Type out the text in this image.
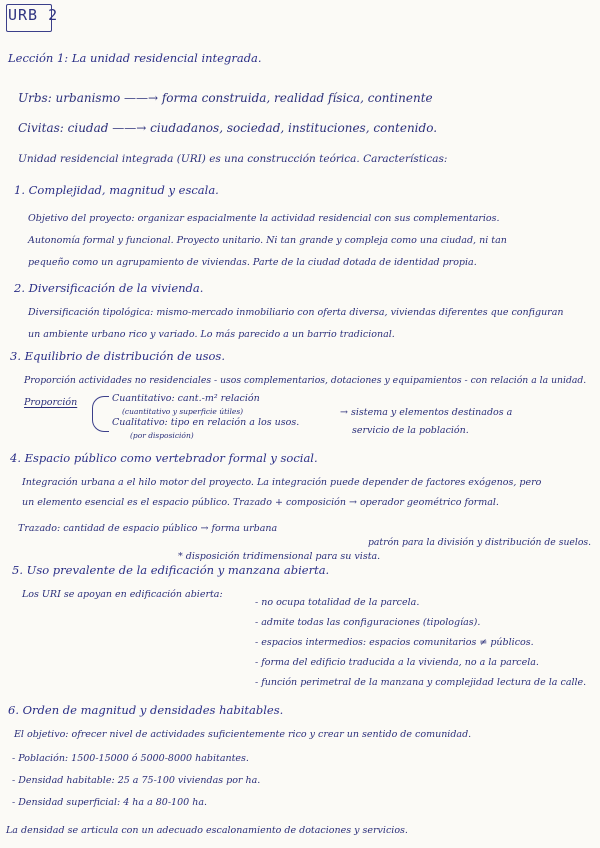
URB 2
Lección 1: La unidad residencial integrada.
Urbs: urbanismo ——→ forma construida, realidad física, continente
Civitas: ciudad ——→ ciudadanos, sociedad, instituciones, contenido.
Unidad residencial integrada (URI) es una construcción teórica. Características:
1. Complejidad, magnitud y escala.
Objetivo del proyecto: organizar espacialmente la actividad residencial con sus complementarios.
Autonomía formal y funcional. Proyecto unitario. Ni tan grande y compleja como una ciudad, ni tan
pequeño como un agrupamiento de viviendas. Parte de la ciudad dotada de identidad propia.
2. Diversificación de la vivienda.
Diversificación tipológica: mismo-mercado inmobiliario con oferta diversa, viviendas diferentes que configuran
un ambiente urbano rico y variado. Lo más parecido a un barrio tradicional.
3. Equilibrio de distribución de usos.
Proporción actividades no residenciales - usos complementarios, dotaciones y equipamientos - con relación a la unidad.
Proporción	Cuantitativo: cant.-m² relación
(cuantitativo y superficie útiles)
Cualitativo: tipo en relación a los usos.
(por disposición)
→ sistema y elementos destinados a
servicio de la población.
4. Espacio público como vertebrador formal y social.
Integración urbana a el hilo motor del proyecto. La integración puede depender de factores exógenos, pero
un elemento esencial es el espacio público. Trazado + composición → operador geométrico formal.
Trazado: cantidad de espacio público → forma urbana
patrón para la división y distribución de suelos.
* disposición tridimensional para su vista.
5. Uso prevalente de la edificación y manzana abierta.
Los URI se apoyan en edificación abierta:
- no ocupa totalidad de la parcela.
- admite todas las configuraciones (tipologías).
- espacios intermedios: espacios comunitarios ≠ públicos.
- forma del edificio traducida a la vivienda, no a la parcela.
- función perimetral de la manzana y complejidad lectura de la calle.
6. Orden de magnitud y densidades habitables.
El objetivo: ofrecer nivel de actividades suficientemente rico y crear un sentido de comunidad.
- Población: 1500-15000 ó 5000-8000 habitantes.
- Densidad habitable: 25 a 75-100 viviendas por ha.
- Densidad superficial: 4 ha a 80-100 ha.
La densidad se articula con un adecuado escalonamiento de dotaciones y servicios.
